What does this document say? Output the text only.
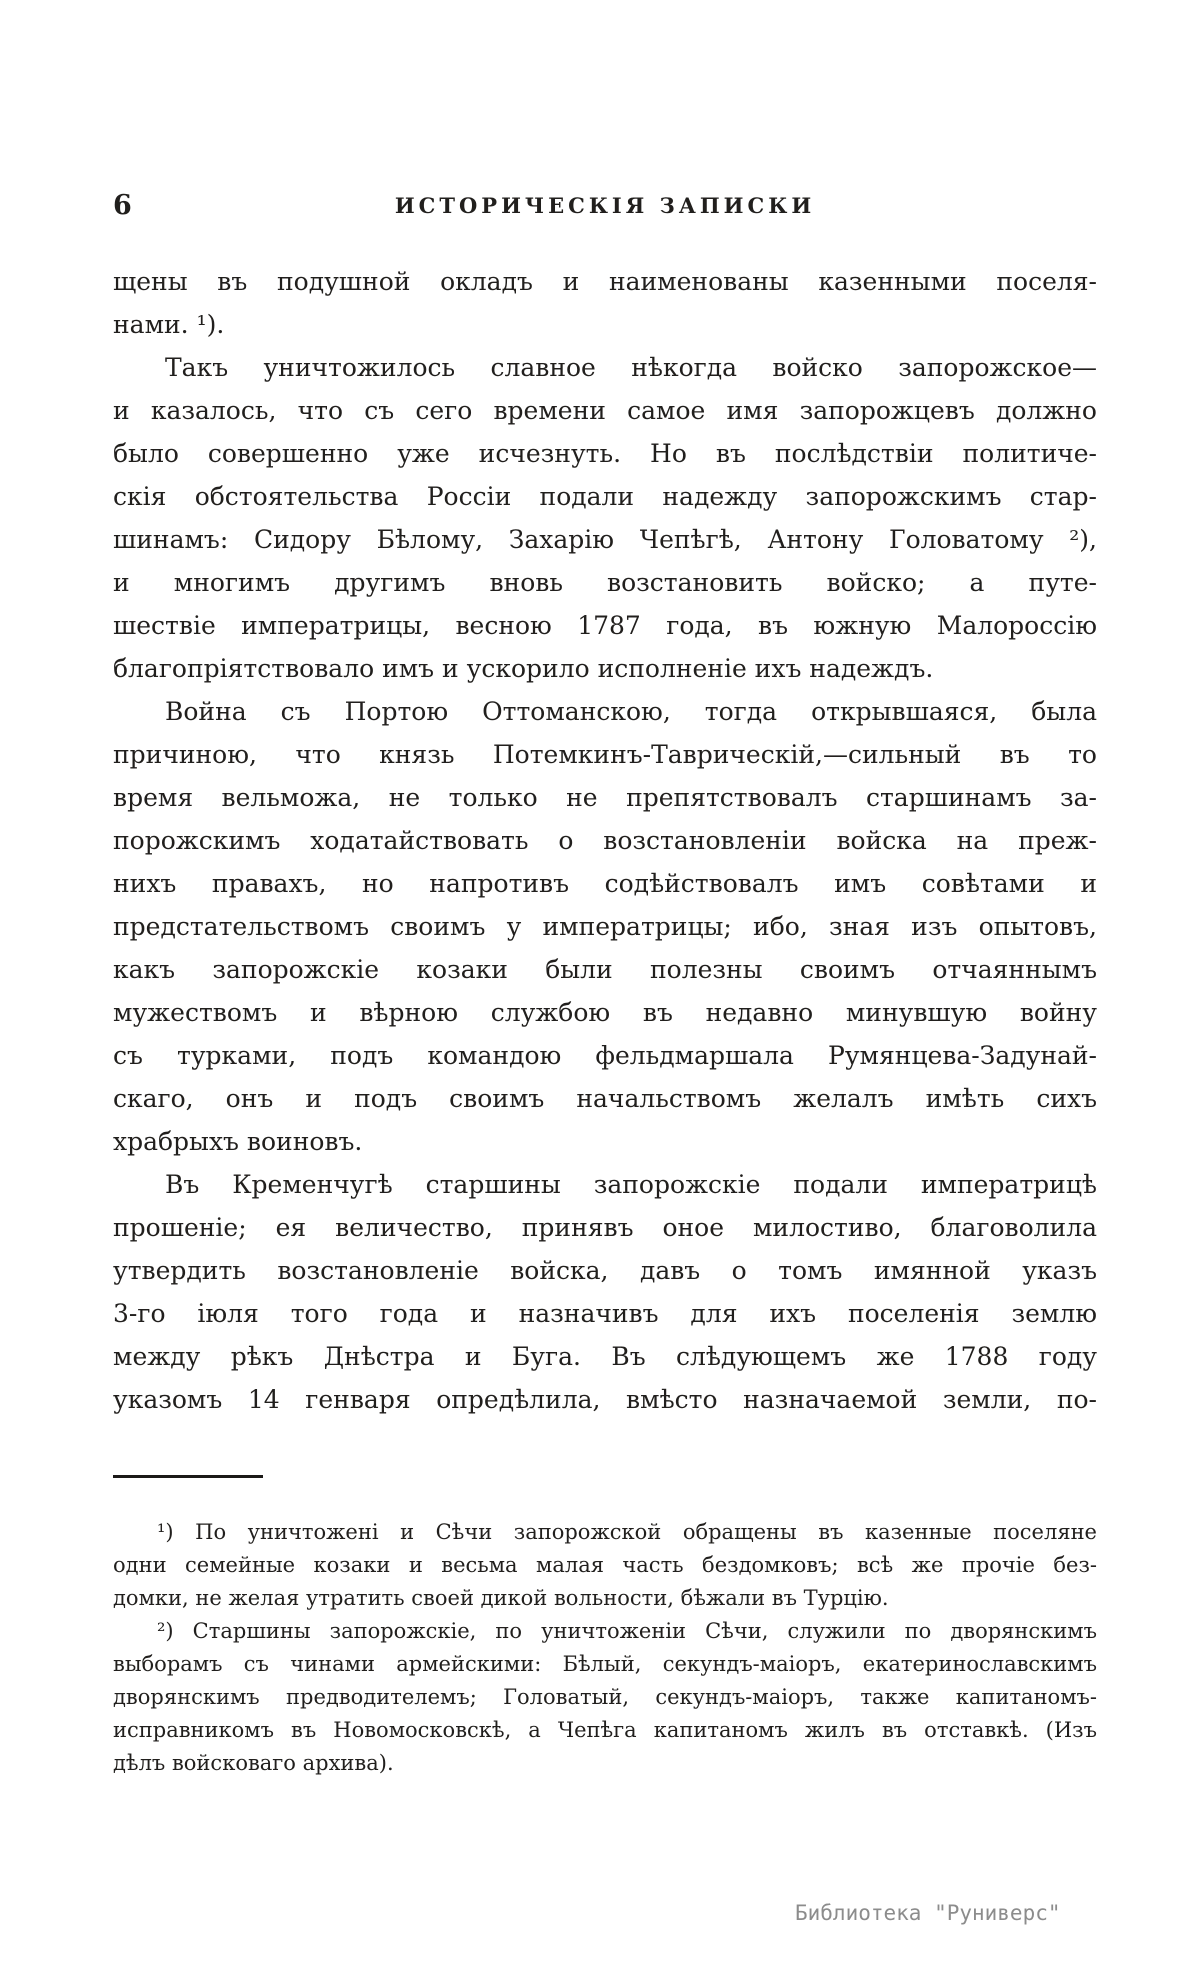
6	ИСТОРИЧЕСКІЯ ЗАПИСКИ
щены въ подушной окладъ и наименованы казенными поселя-
нами. ¹).
Такъ уничтожилось славное нѣкогда войско запорожское—
и казалось, что съ сего времени самое имя запорожцевъ должно
было совершенно уже исчезнуть. Но въ послѣдствіи политиче-
скія обстоятельства Россіи подали надежду запорожскимъ стар-
шинамъ: Сидору Бѣлому, Захарію Чепѣгѣ, Антону Головатому ²),
и многимъ другимъ вновь возстановить войско; а путе-
шествіе императрицы, весною 1787 года, въ южную Малороссію
благопріятствовало имъ и ускорило исполненіе ихъ надеждъ.
Война съ Портою Оттоманскою, тогда открывшаяся, была
причиною, что князь Потемкинъ-Таврическій,—сильный въ то
время вельможа, не только не препятствовалъ старшинамъ за-
порожскимъ ходатайствовать о возстановленіи войска на преж-
нихъ правахъ, но напротивъ содѣйствовалъ имъ совѣтами и
предстательствомъ своимъ у императрицы; ибо, зная изъ опытовъ,
какъ запорожскіе козаки были полезны своимъ отчаяннымъ
мужествомъ и вѣрною службою въ недавно минувшую войну
съ турками, подъ командою фельдмаршала Румянцева-Задунай-
скаго, онъ и подъ своимъ начальствомъ желалъ имѣть сихъ
храбрыхъ воиновъ.
Въ Кременчугѣ старшины запорожскіе подали императрицѣ
прошеніе; ея величество, принявъ оное милостиво, благоволила
утвердить возстановленіе войска, давъ о томъ имянной указъ
3-го іюля того года и назначивъ для ихъ поселенія землю
между рѣкъ Днѣстра и Буга. Въ слѣдующемъ же 1788 году
указомъ 14 генваря опредѣлила, вмѣсто назначаемой земли, по-
¹) По уничтожені и Сѣчи запорожской обращены въ казенные поселяне
одни семейные козаки и весьма малая часть бездомковъ; всѣ же прочіе без-
домки, не желая утратить своей дикой вольности, бѣжали въ Турцію.
²) Старшины запорожскіе, по уничтоженіи Сѣчи, служили по дворянскимъ
выборамъ съ чинами армейскими: Бѣлый, секундъ-маіоръ, екатеринославскимъ
дворянскимъ предводителемъ; Головатый, секундъ-маіоръ, также капитаномъ-
исправникомъ въ Новомосковскѣ, а Чепѣга капитаномъ жилъ въ отставкѣ. (Изъ
дѣлъ войсковаго архива).
Библиотека "Руниверс"
